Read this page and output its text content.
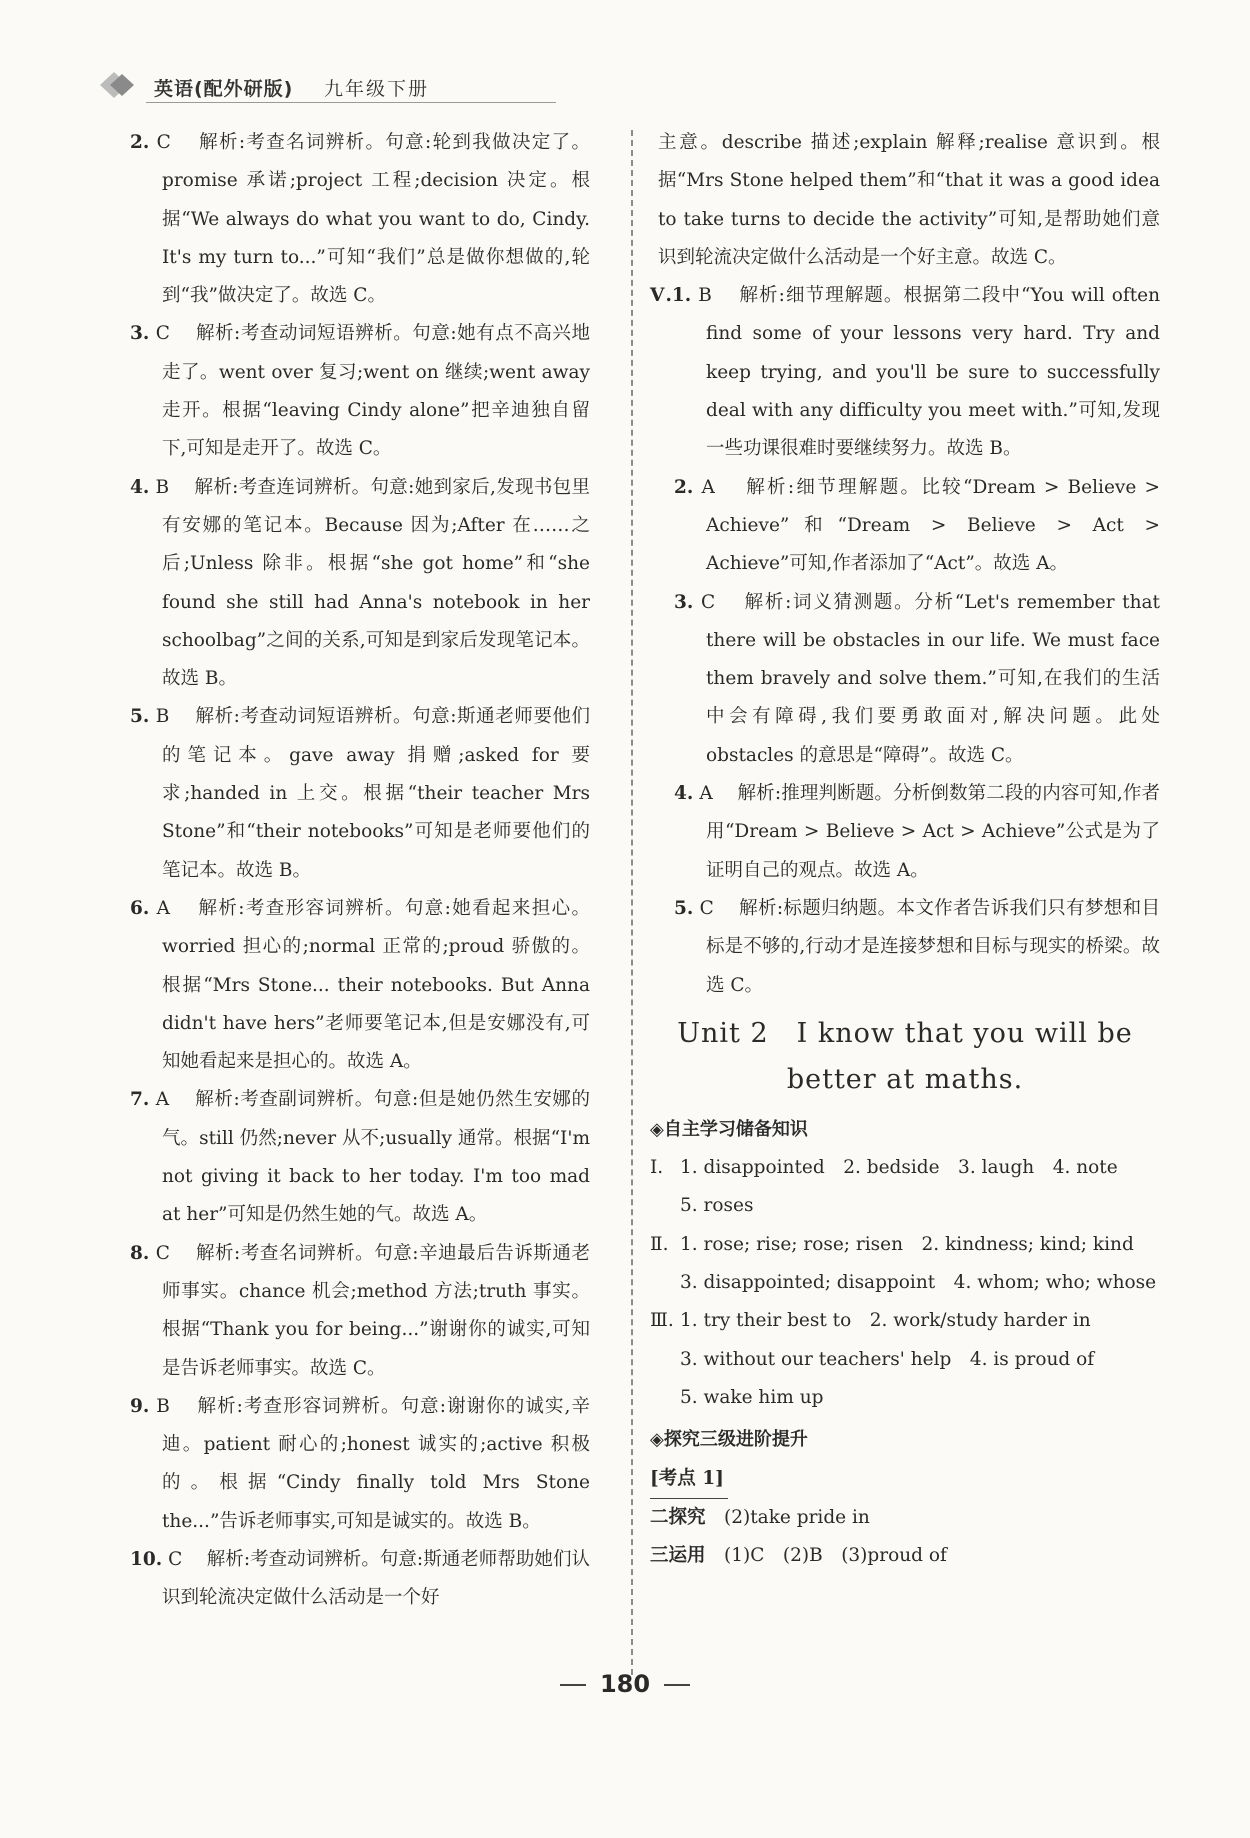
英语(配外研版) 九年级下册

2. C　 解析:考查名词辨析。句意:轮到我做决定了。promise 承诺;project 工程;decision 决定。根据“We always do what you want to do, Cindy. It's my turn to...”可知“我们”总是做你想做的,轮到“我”做决定了。故选 C。

3. C　 解析:考查动词短语辨析。句意:她有点不高兴地走了。went over 复习;went on 继续;went away 走开。根据“leaving Cindy alone”把辛迪独自留下,可知是走开了。故选 C。

4. B　 解析:考查连词辨析。句意:她到家后,发现书包里有安娜的笔记本。Because 因为;After 在……之后;Unless 除非。根据“she got home”和“she found she still had Anna's notebook in her schoolbag”之间的关系,可知是到家后发现笔记本。故选 B。

5. B　 解析:考查动词短语辨析。句意:斯通老师要他们的笔记本。gave away 捐赠;asked for 要求;handed in 上交。根据“their teacher Mrs Stone”和“their notebooks”可知是老师要他们的笔记本。故选 B。

6. A　 解析:考查形容词辨析。句意:她看起来担心。worried 担心的;normal 正常的;proud 骄傲的。根据“Mrs Stone... their notebooks. But Anna didn't have hers”老师要笔记本,但是安娜没有,可知她看起来是担心的。故选 A。

7. A　 解析:考查副词辨析。句意:但是她仍然生安娜的气。still 仍然;never 从不;usually 通常。根据“I'm not giving it back to her today. I'm too mad at her”可知是仍然生她的气。故选 A。

8. C　 解析:考查名词辨析。句意:辛迪最后告诉斯通老师事实。chance 机会;method 方法;truth 事实。根据“Thank you for being...”谢谢你的诚实,可知是告诉老师事实。故选 C。

9. B　 解析:考查形容词辨析。句意:谢谢你的诚实,辛迪。patient 耐心的;honest 诚实的;active 积极的。根据“Cindy finally told Mrs Stone the...”告诉老师事实,可知是诚实的。故选 B。

10. C　 解析:考查动词辨析。句意:斯通老师帮助她们认识到轮流决定做什么活动是一个好

主意。describe 描述;explain 解释;realise 意识到。根据“Mrs Stone helped them”和“that it was a good idea to take turns to decide the activity”可知,是帮助她们意识到轮流决定做什么活动是一个好主意。故选 C。

Ⅴ.1. B　 解析:细节理解题。根据第二段中“You will often find some of your lessons very hard. Try and keep trying, and you'll be sure to successfully deal with any difficulty you meet with.”可知,发现一些功课很难时要继续努力。故选 B。

2. A　 解析:细节理解题。比较“Dream > Believe > Achieve”和“Dream > Believe > Act > Achieve”可知,作者添加了“Act”。故选 A。

3. C　 解析:词义猜测题。分析“Let's remember that there will be obstacles in our life. We must face them bravely and solve them.”可知,在我们的生活中会有障碍,我们要勇敢面对,解决问题。此处 obstacles 的意思是“障碍”。故选 C。

4. A　 解析:推理判断题。分析倒数第二段的内容可知,作者用“Dream > Believe > Act > Achieve”公式是为了证明自己的观点。故选 A。

5. C　 解析:标题归纳题。本文作者告诉我们只有梦想和目标是不够的,行动才是连接梦想和目标与现实的桥梁。故选 C。

Unit 2　I know that you will be
better at maths.
◈自主学习储备知识
Ⅰ. 1. disappointed　2. bedside　3. laugh　4. note
5. roses
Ⅱ. 1. rose; rise; rose; risen　2. kindness; kind; kind
3. disappointed; disappoint　4. whom; who; whose
Ⅲ. 1. try their best to　2. work/study harder in
3. without our teachers' help　4. is proud of
5. wake him up
◈探究三级进阶提升
[考点 1]
二探究　 (2)take pride in
三运用　 (1)C　(2)B　(3)proud of
180
